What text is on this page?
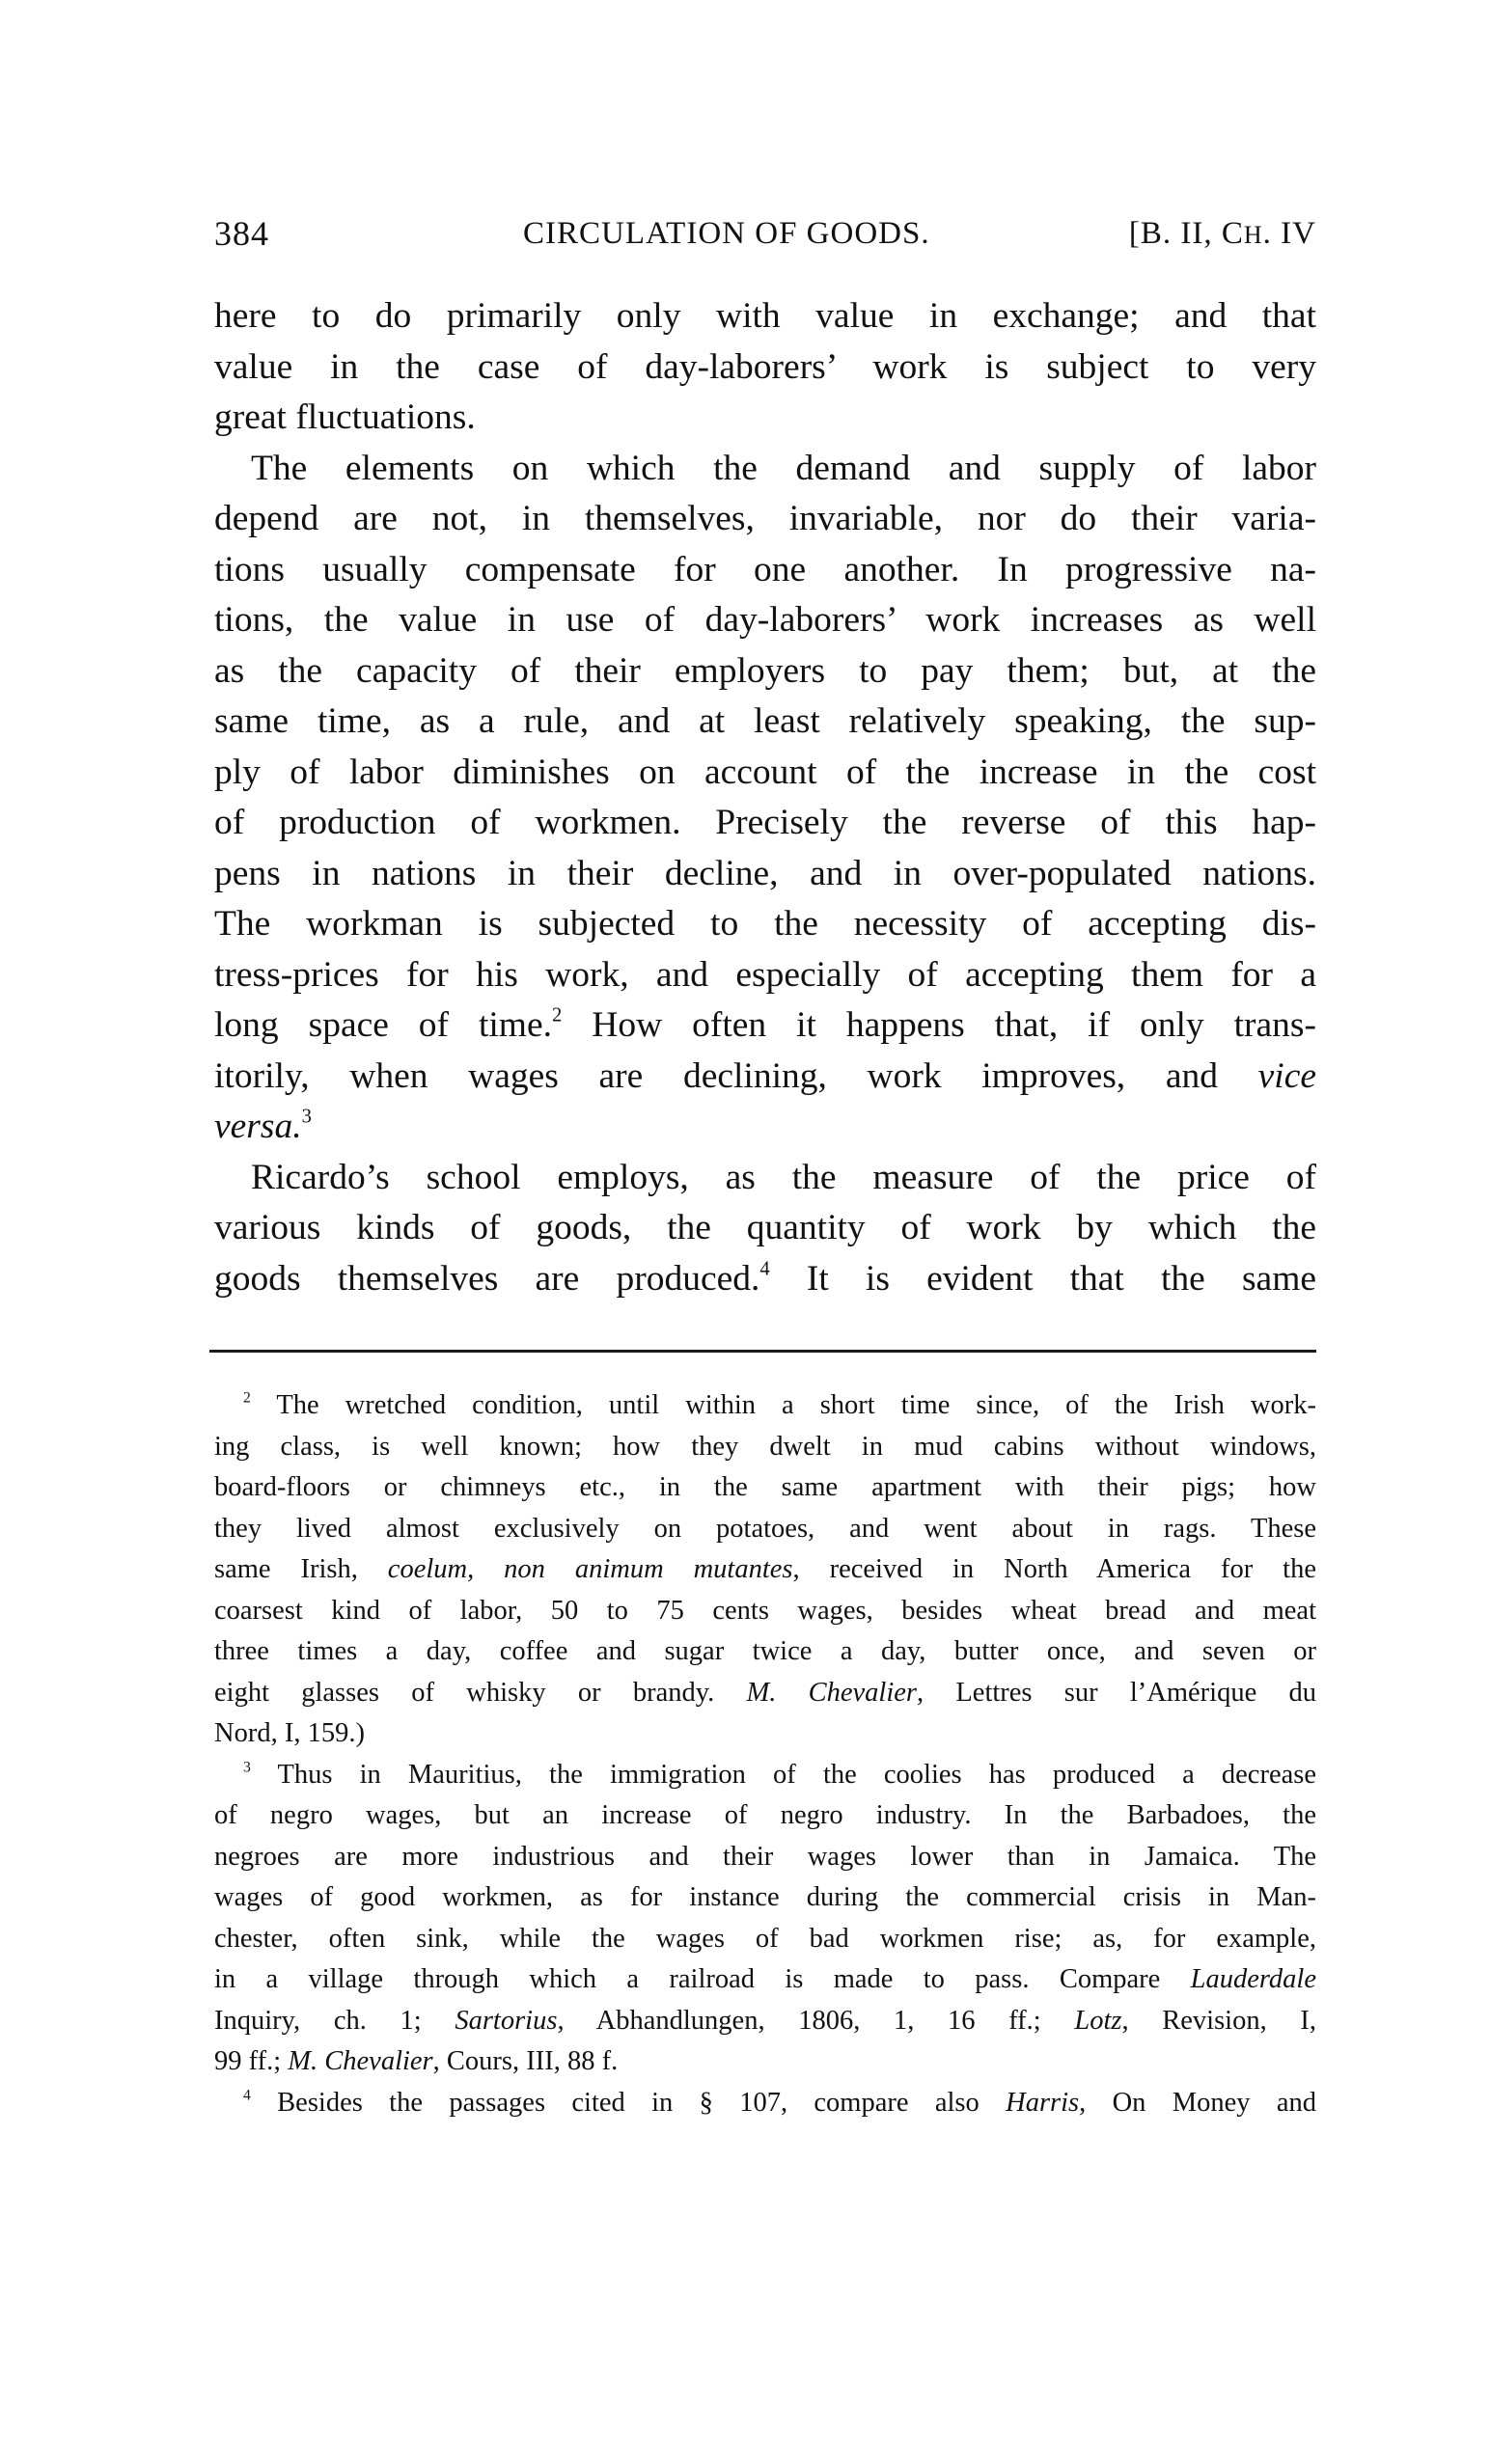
384	CIRCULATION OF GOODS.	[B. II, CH. IV

here to do primarily only with value in exchange; and that
value in the case of day-laborers’ work is subject to very
great fluctuations.

The elements on which the demand and supply of labor
depend are not, in themselves, invariable, nor do their varia-
tions usually compensate for one another. In progressive na-
tions, the value in use of day-laborers’ work increases as well
as the capacity of their employers to pay them; but, at the
same time, as a rule, and at least relatively speaking, the sup-
ply of labor diminishes on account of the increase in the cost
of production of workmen. Precisely the reverse of this hap-
pens in nations in their decline, and in over-populated nations.
The workman is subjected to the necessity of accepting dis-
tress-prices for his work, and especially of accepting them for a
long space of time.$^2$ How often it happens that, if only trans-
itorily, when wages are declining, work improves, and vice
versa.$^3$

Ricardo’s school employs, as the measure of the price of
various kinds of goods, the quantity of work by which the
goods themselves are produced.$^4$ It is evident that the same

$^2$ The wretched condition, until within a short time since, of the Irish work-
ing class, is well known; how they dwelt in mud cabins without windows,
board-floors or chimneys etc., in the same apartment with their pigs; how
they lived almost exclusively on potatoes, and went about in rags. These
same Irish, coelum, non animum mutantes, received in North America for the
coarsest kind of labor, 50 to 75 cents wages, besides wheat bread and meat
three times a day, coffee and sugar twice a day, butter once, and seven or
eight glasses of whisky or brandy. M. Chevalier, Lettres sur l’Amérique du
Nord, I, 159.)
$^3$ Thus in Mauritius, the immigration of the coolies has produced a decrease
of negro wages, but an increase of negro industry. In the Barbadoes, the
negroes are more industrious and their wages lower than in Jamaica. The
wages of good workmen, as for instance during the commercial crisis in Man-
chester, often sink, while the wages of bad workmen rise; as, for example,
in a village through which a railroad is made to pass. Compare Lauderdale
Inquiry, ch. 1; Sartorius, Abhandlungen, 1806, 1, 16 ff.; Lotz, Revision, I,
99 ff.; M. Chevalier, Cours, III, 88 f.
$^4$ Besides the passages cited in § 107, compare also Harris, On Money and
